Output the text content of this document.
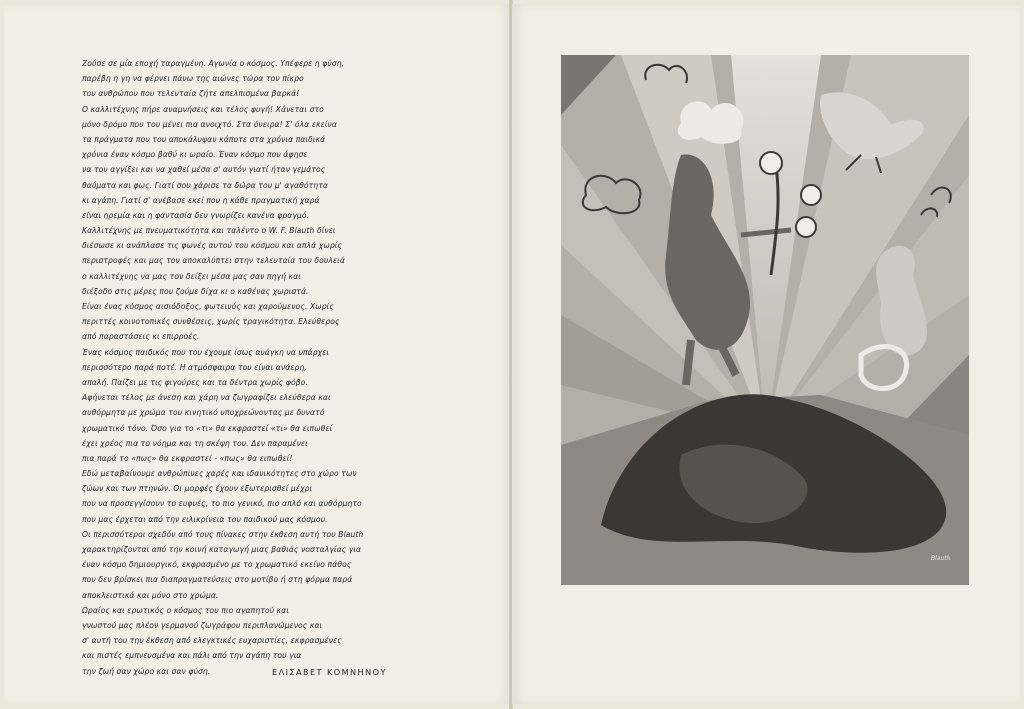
Ζούσε σε μία εποχή ταραγμένη. Αγωνία ο κόσμος. Υπέφερε η φύση,
παρέβη η γη να φέρνει πάνω της αιώνες τώρα τον πίκρο
του ανθρώπου που τελευταία ζήτε απελπισμένα βαρκά!
Ο καλλιτέχνης πήρε αναμνήσεις και τέλος φυγή! Χάνεται στο
μόνο δρόμο που του μένει πια ανοιχτό. Στα όνειρα! Σ' όλα εκείνα
τα πράγματα που του αποκάλυψαν κάποτε στα χρόνια παιδικά
χρόνια έναν κόσμο βαθύ κι ωραίο. Έναν κόσμο που άφησε
να τον αγγίξει και να χαθεί μέσα σ' αυτόν γιατί ήταν γεμάτος
θαύματα και φως. Γιατί σου χάρισε τα δώρα του μ' αγαθότητα
κι αγάπη. Γιατί σ' ανέβασε εκεί που η κάθε πραγματική χαρά
είναι ηρεμία και η φαντασία δεν γνωρίζει κανένα φραγμό.
Καλλιτέχνης με πνευματικότητα και ταλέντο ο W. F. Blauth δίνει
διέσωσε κι ανάπλασε τις φωνές αυτού του κόσμου και απλά χωρίς
περιστροφές και μας τον αποκαλύπτει στην τελευταία του δουλειά
ο καλλιτέχνης να μας τον δείξει μέσα μας σαν πηγή και
διέξοδο στις μέρες που ζούμε δίχα κι ο καθένας χωριστά.
Είναι ένας κόσμος αισιόδοξος, φωτεινός και χαρούμενος. Χωρίς
περιττές κοινοτοπικές συνθέσεις, χωρίς τραγικότητα. Ελεύθερος
από παραστάσεις κι επιρροές.
Ένας κόσμος παιδικός που του έχουμε ίσως ανάγκη να υπάρχει
περισσότερο παρά ποτέ. Η ατμόσφαιρα του είναι ανάερη,
απαλή. Παίζει με τις φιγούρες και τα δέντρα χωρίς φόβο.
Αφήνεται τέλος με άνεση και χάρη να ζωγραφίζει ελεύθερα και
αυθόρμητα με χρώμα του κινητικό υποχρεώνοντας με δυνατό
χρωματικό τόνο. Όσο για το «τι» θα εκφραστεί «τι» θα ειπωθεί
έχει χρέος πια το νόημα και τη σκέψη του. Δεν παραμένει
πια παρά το «πως» θα εκφραστεί - «πως» θα ειπωθεί!
Εδώ μεταβαίνουμε ανθρώπινες χαρές και ιδανικότητες στο χώρο των
ζώων και των πτηνών. Οι μορφές έχουν εξωτερισθεί μέχρι
που να προσεγγίσουν το ευφυές, το πιο γενικό, πιο απλό και αυθόρμητο
που μας έρχεται από την ειλικρίνεια του παιδικού μας κόσμου.
Οι περισσότεροι σχεδόν από τους πίνακες στην έκθεση αυτή του Blauth
χαρακτηρίζονται από την κοινή καταγωγή μιας βαθιάς νοσταλγίας για
έναν κόσμο δημιουργικό, εκφρασμένο με το χρωματικό εκείνο πάθος
που δεν βρίσκει πια διαπραγματεύσεις στο μοτίβο ή στη φόρμα παρά
αποκλειστικά και μόνο στο χρώμα.
Ωραίος και ερωτικός ο κόσμος του πιο αγαπητού και
γνωστού μας πλέον γερμανού ζωγράφου περιπλανώμενος και
σ' αυτή του την έκθεση από ελεγκτικές ευχαριστίες, εκφρασμένες
και πιστές εμπνευσμένα και πάλι από την αγάπη του για
την ζωή σαν χώρο και σαν φύση.	ΕΛΙΣΑΒΕΤ ΚΟΜΝΗΝΟΥ
Blauth
